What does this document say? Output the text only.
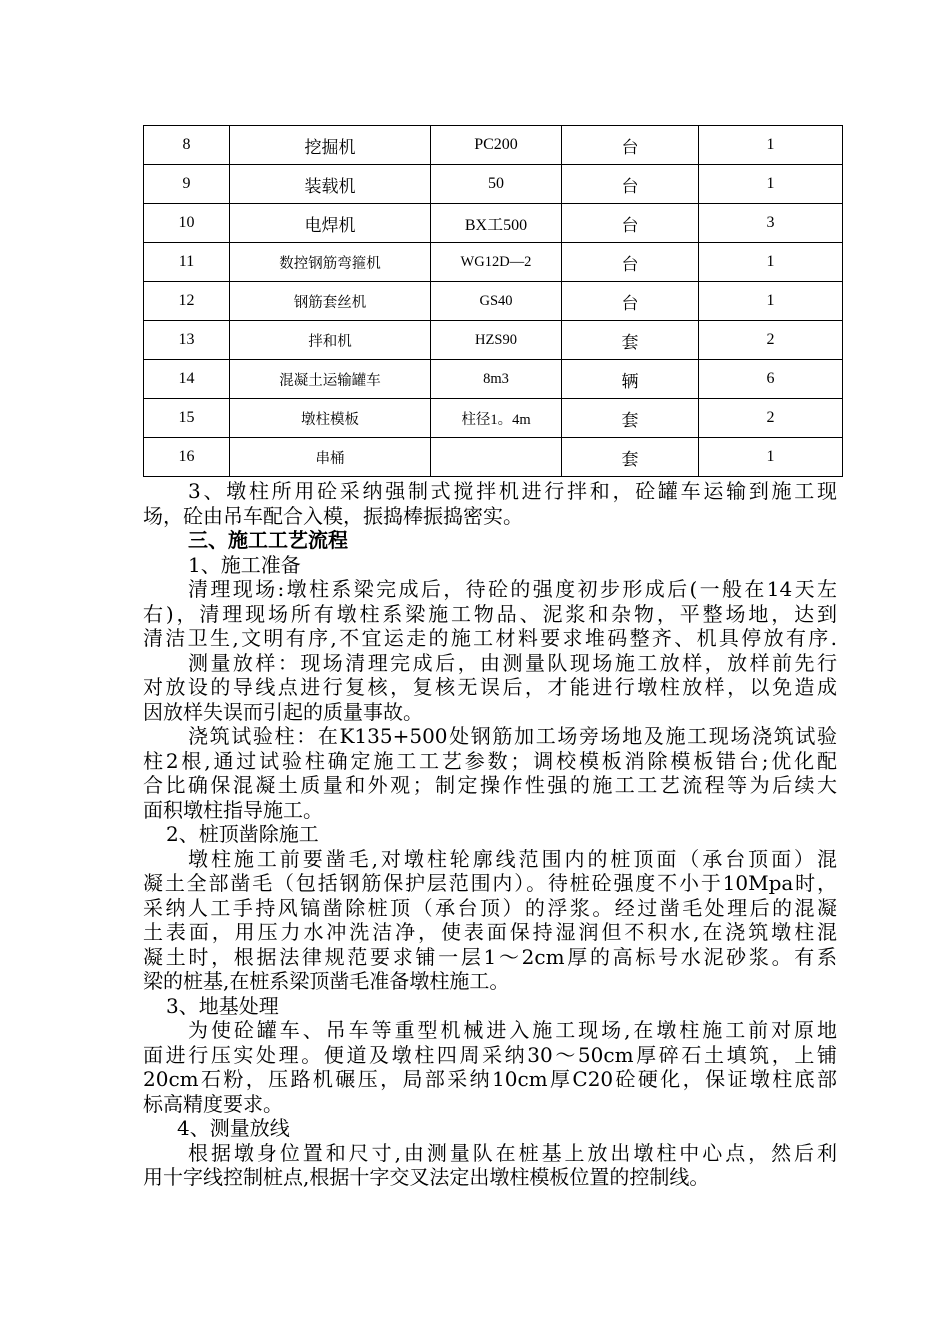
8	挖掘机	PC200	台	1
9	装载机	50	台	1
10	电焊机	BX工500	台	3
11	数控钢筋弯箍机	WG12D—2	台	1
12	钢筋套丝机	GS40	台	1
13	拌和机	HZS90	套	2
14	混凝土运输罐车	8m3	辆	6
15	墩柱模板	柱径1。4m	套	2
16	串桶		套	1
3、墩柱所用砼采纳强制式搅拌机进行拌和，砼罐车运输到施工现
场，砼由吊车配合入模，振捣棒振捣密实。
三、施工工艺流程
1、施工准备
清理现场:墩柱系梁完成后，待砼的强度初步形成后(一般在14天左
右)，清理现场所有墩柱系梁施工物品、泥浆和杂物，平整场地，达到
清洁卫生,文明有序,不宜运走的施工材料要求堆码整齐、机具停放有序.
测量放样：现场清理完成后，由测量队现场施工放样，放样前先行
对放设的导线点进行复核，复核无误后，才能进行墩柱放样，以免造成
因放样失误而引起的质量事故。
浇筑试验柱：在K135+500处钢筋加工场旁场地及施工现场浇筑试验
柱2根,通过试验柱确定施工工艺参数；调校模板消除模板错台;优化配
合比确保混凝土质量和外观；制定操作性强的施工工艺流程等为后续大
面积墩柱指导施工。
2、桩顶凿除施工
墩柱施工前要凿毛,对墩柱轮廓线范围内的桩顶面（承台顶面）混
凝土全部凿毛（包括钢筋保护层范围内）。待桩砼强度不小于10Mpa时，
采纳人工手持风镐凿除桩顶（承台顶）的浮浆。经过凿毛处理后的混凝
土表面，用压力水冲洗洁净，使表面保持湿润但不积水,在浇筑墩柱混
凝土时，根据法律规范要求铺一层1～2cm厚的高标号水泥砂浆。有系
梁的桩基,在桩系梁顶凿毛准备墩柱施工。
3、地基处理
为使砼罐车、吊车等重型机械进入施工现场,在墩柱施工前对原地
面进行压实处理。便道及墩柱四周采纳30～50cm厚碎石土填筑，上铺
20cm石粉，压路机碾压，局部采纳10cm厚C20砼硬化，保证墩柱底部
标高精度要求。
4、测量放线
根据墩身位置和尺寸,由测量队在桩基上放出墩柱中心点，然后利
用十字线控制桩点,根据十字交叉法定出墩柱模板位置的控制线。
